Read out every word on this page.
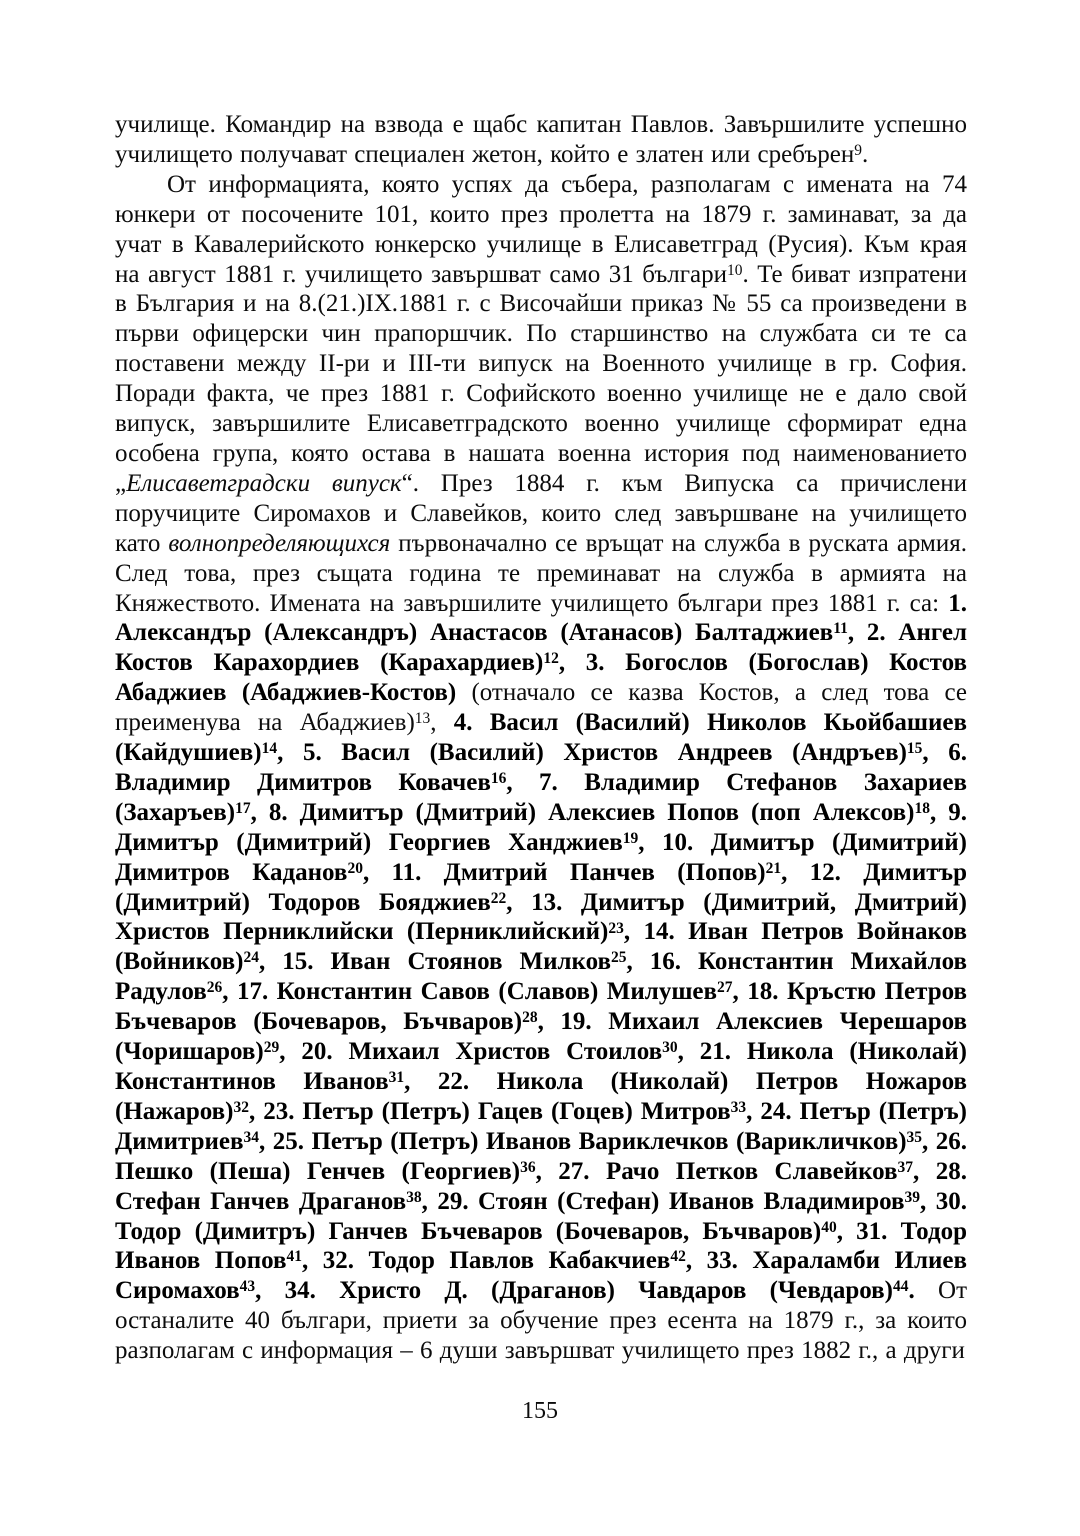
училище. Командир на взвода е щабс капитан Павлов. Завършилите успешно училището получават специален жетон, който е златен или сребърен$^9$.

От информацията, която успях да събера, разполагам с имената на 74 юнкери от посочените 101, които през пролетта на 1879 г. заминават, за да учат в Кавалерийското юнкерско училище в Елисаветград (Русия). Към края на август 1881 г. училището завършват само 31 българи$^{10}$. Те биват изпратени в България и на 8.(21.)IX.1881 г. с Височайши приказ № 55 са произведени в първи офицерски чин прапоршчик. По старшинство на службата си те са поставени между II-ри и III-ти випуск на Военното училище в гр. София. Поради факта, че през 1881 г. Софийското военно училище не е дало свой випуск, завършилите Елисаветградското военно училище сформират една особена група, която остава в нашата военна история под наименованието „Елисаветградски випуск“. През 1884 г. към Випуска са причислени поручиците Сиромахов и Славейков, които след завършване на училището като волнопределяющихся първоначално се връщат на служба в руската армия. След това, през същата година те преминават на служба в армията на Княжеството. Имената на завършилите училището българи през 1881 г. са: 1. Александър (Александръ) Анастасов (Атанасов) Балтаджиев$^{11}$, 2. Ангел Костов Карахордиев (Карахардиев)$^{12}$, 3. Богослов (Богослав) Костов Абаджиев (Абаджиев-Костов) (отначало се казва Костов, а след това се преименува на Абаджиев)$^{13}$, 4. Васил (Василий) Николов Кьойбашиев (Кайдушиев)$^{14}$, 5. Васил (Василий) Христов Андреев (Андръев)$^{15}$, 6. Владимир Димитров Ковачев$^{16}$, 7. Владимир Стефанов Захариев (Захаръев)$^{17}$, 8. Димитър (Дмитрий) Алексиев Попов (поп Алексов)$^{18}$, 9. Димитър (Димитрий) Георгиев Ханджиев$^{19}$, 10. Димитър (Димитрий) Димитров Каданов$^{20}$, 11. Дмитрий Панчев (Попов)$^{21}$, 12. Димитър (Димитрий) Тодоров Бояджиев$^{22}$, 13. Димитър (Димитрий, Дмитрий) Христов Перниклийски (Перниклийский)$^{23}$, 14. Иван Петров Войнаков (Войников)$^{24}$, 15. Иван Стоянов Милков$^{25}$, 16. Константин Михайлов Радулов$^{26}$, 17. Константин Савов (Славов) Милушев$^{27}$, 18. Кръстю Петров Бъчеваров (Бочеваров, Бъчваров)$^{28}$, 19. Михаил Алексиев Черешаров (Чоришаров)$^{29}$, 20. Михаил Христов Стоилов$^{30}$, 21. Никола (Николай) Константинов Иванов$^{31}$, 22. Никола (Николай) Петров Ножаров (Нажаров)$^{32}$, 23. Петър (Петръ) Гацев (Гоцев) Митров$^{33}$, 24. Петър (Петръ) Димитриев$^{34}$, 25. Петър (Петръ) Иванов Вариклечков (Варикличков)$^{35}$, 26. Пешко (Пеша) Генчев (Георгиев)$^{36}$, 27. Рачо Петков Славейков$^{37}$, 28. Стефан Ганчев Драганов$^{38}$, 29. Стоян (Стефан) Иванов Владимиров$^{39}$, 30. Тодор (Димитръ) Ганчев Бъчеваров (Бочеваров, Бъчваров)$^{40}$, 31. Тодор Иванов Попов$^{41}$, 32. Тодор Павлов Кабакчиев$^{42}$, 33. Хараламби Илиев Сиромахов$^{43}$, 34. Христо Д. (Драганов) Чавдаров (Чевдаров)$^{44}$. От останалите 40 българи, приети за обучение през есента на 1879 г., за които разполагам с информация – 6 души завършват училището през 1882 г., а други

155
